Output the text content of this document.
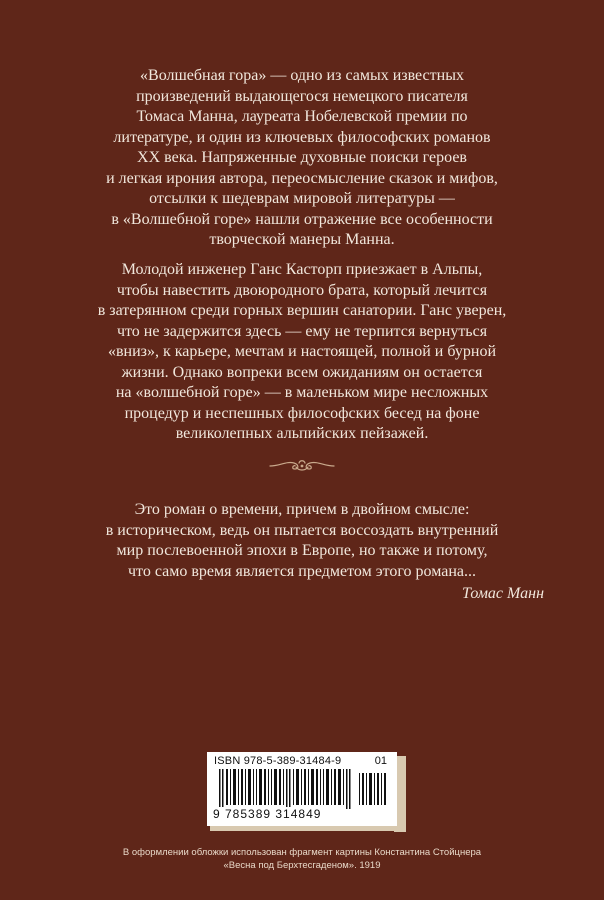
«Волшебная гора» — одно из самых известных
произведений выдающегося немецкого писателя
Томаса Манна, лауреата Нобелевской премии по
литературе, и один из ключевых философских романов
XX века. Напряженные духовные поиски героев
и легкая ирония автора, переосмысление сказок и мифов,
отсылки к шедеврам мировой литературы —
в «Волшебной горе» нашли отражение все особенности
творческой манеры Манна.
Молодой инженер Ганс Касторп приезжает в Альпы,
чтобы навестить двоюродного брата, который лечится
в затерянном среди горных вершин санатории. Ганс уверен,
что не задержится здесь — ему не терпится вернуться
«вниз», к карьере, мечтам и настоящей, полной и бурной
жизни. Однако вопреки всем ожиданиям он остается
на «волшебной горе» — в маленьком мире несложных
процедур и неспешных философских бесед на фоне
великолепных альпийских пейзажей.
Это роман о времени, причем в двойном смысле:
в историческом, ведь он пытается воссоздать внутренний
мир послевоенной эпохи в Европе, но также и потому,
что само время является предметом этого романа...
Томас Манн
ISBN 978-5-389-31484-9	01
9 785389 314849
В оформлении обложки использован фрагмент картины Константина Стойцнера
«Весна под Берхтесгаденом». 1919
